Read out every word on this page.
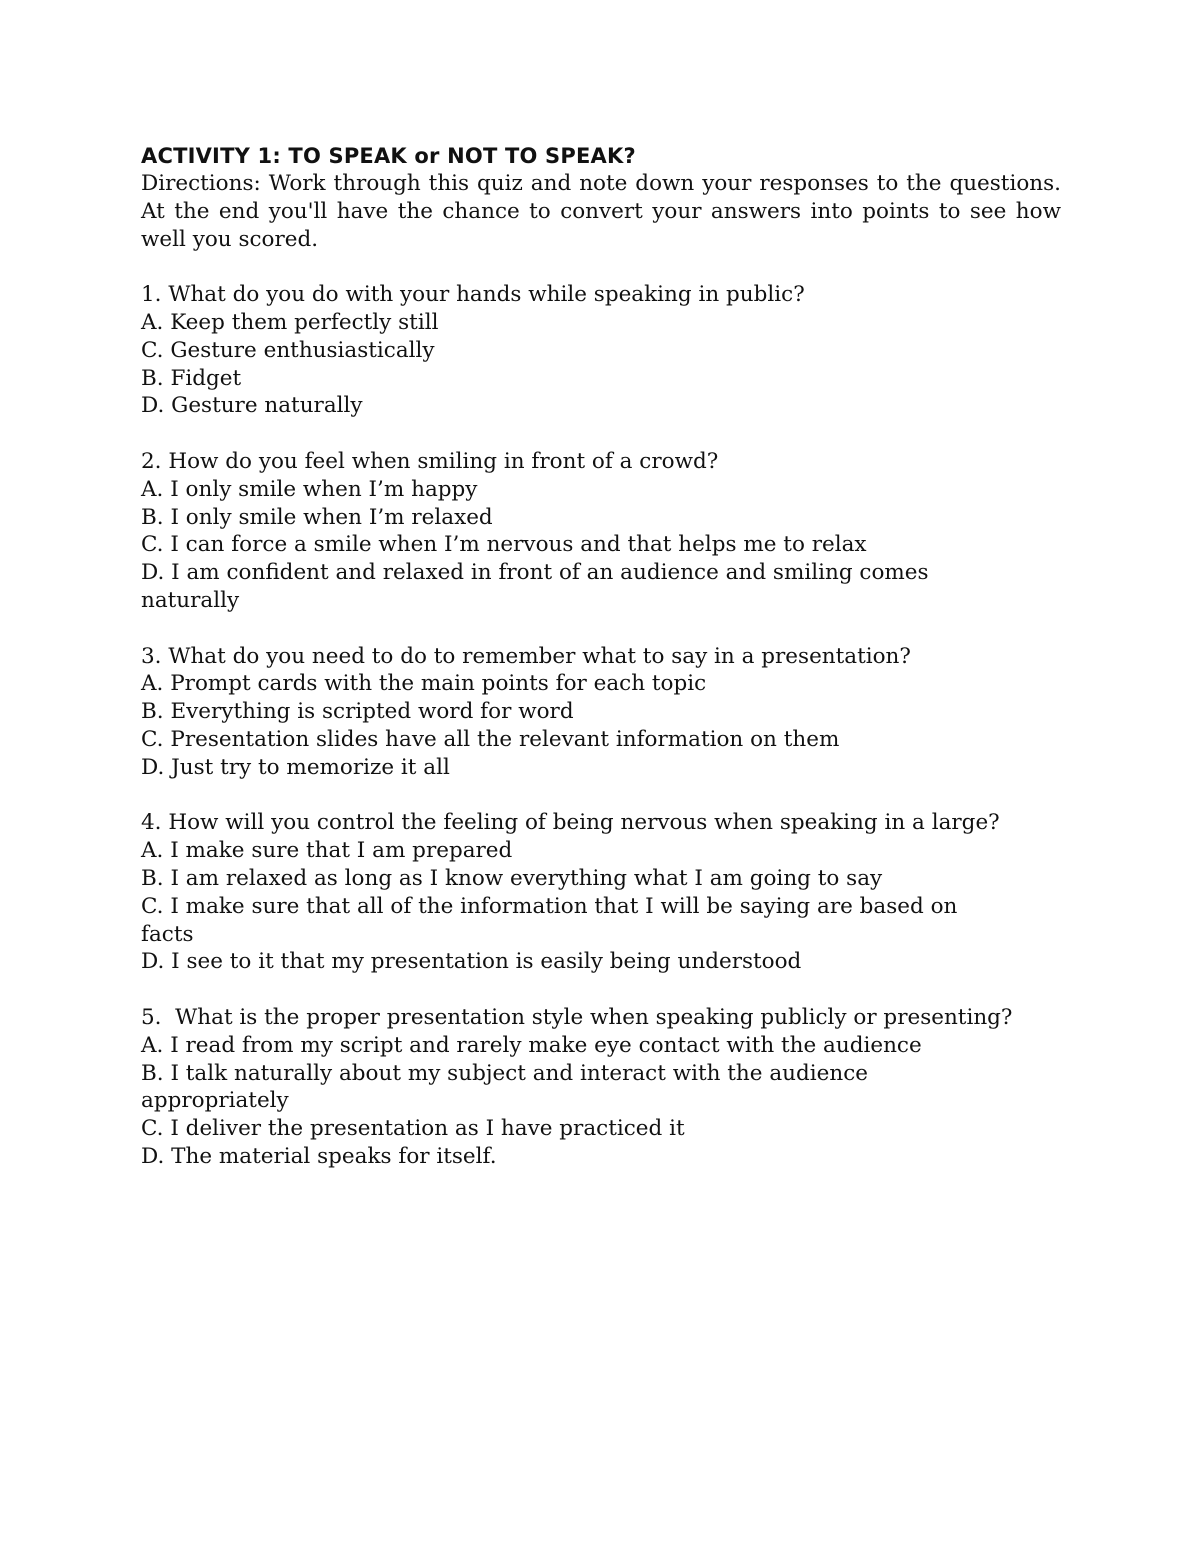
ACTIVITY 1: TO SPEAK or NOT TO SPEAK?

Directions: Work through this quiz and note down your responses to the questions. At the end you'll have the chance to convert your answers into points to see how well you scored.

1. What do you do with your hands while speaking in public?
A. Keep them perfectly still
C. Gesture enthusiastically
B. Fidget
D. Gesture naturally
2. How do you feel when smiling in front of a crowd?
A. I only smile when I’m happy
B. I only smile when I’m relaxed
C. I can force a smile when I’m nervous and that helps me to relax
D. I am confident and relaxed in front of an audience and smiling comes naturally
3. What do you need to do to remember what to say in a presentation?
A. Prompt cards with the main points for each topic
B. Everything is scripted word for word
C. Presentation slides have all the relevant information on them
D. Just try to memorize it all
4. How will you control the feeling of being nervous when speaking in a large?
A. I make sure that I am prepared
B. I am relaxed as long as I know everything what I am going to say
C. I make sure that all of the information that I will be saying are based on facts
D. I see to it that my presentation is easily being understood
5.  What is the proper presentation style when speaking publicly or presenting?
A. I read from my script and rarely make eye contact with the audience
B. I talk naturally about my subject and interact with the audience appropriately
C. I deliver the presentation as I have practiced it
D. The material speaks for itself.
